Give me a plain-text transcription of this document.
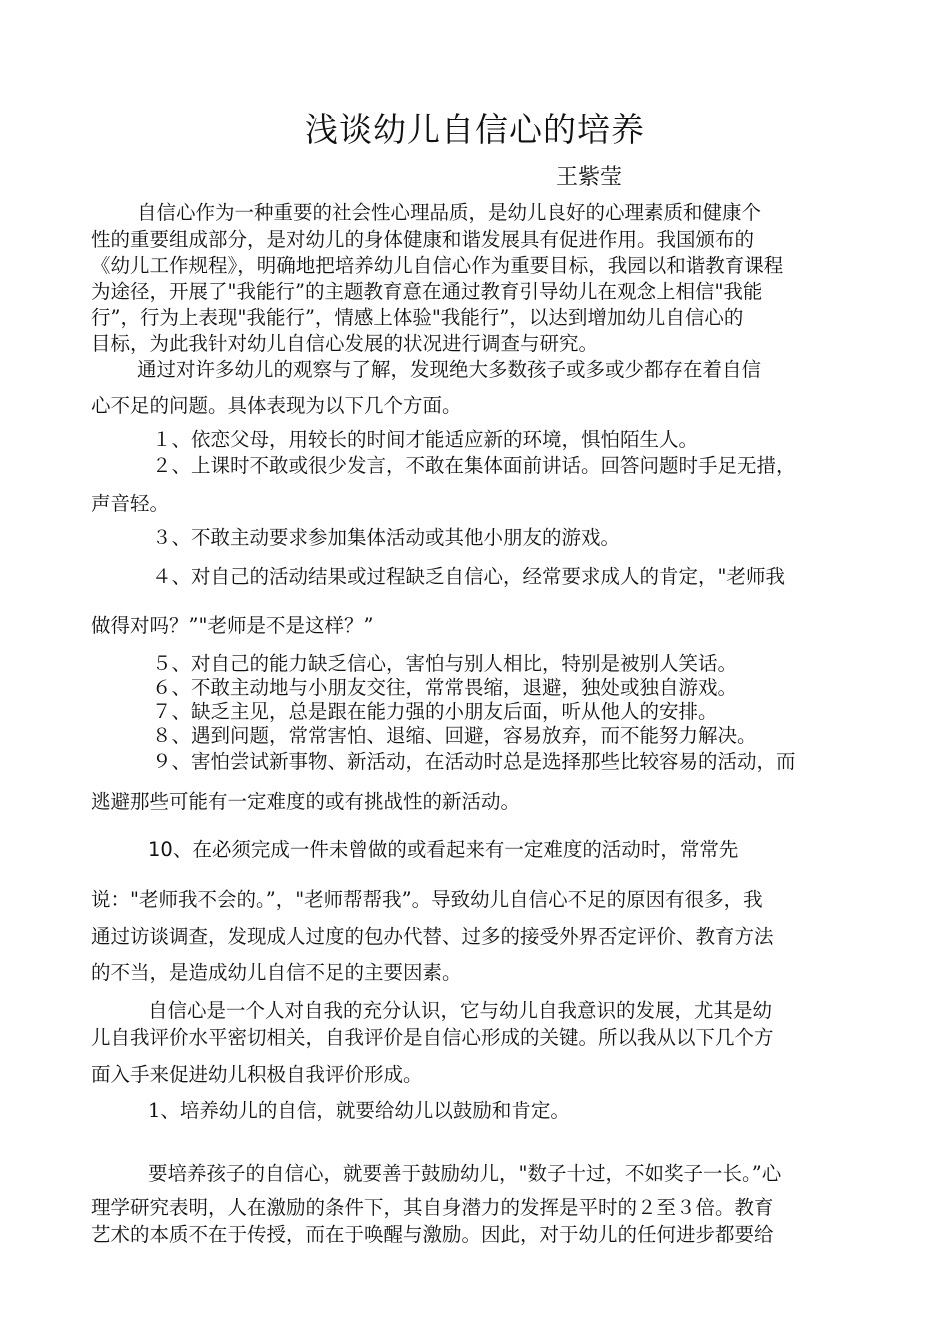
浅谈幼儿自信心的培养

王紫莹

自信心作为一种重要的社会性心理品质，是幼儿良好的心理素质和健康个

性的重要组成部分，是对幼儿的身体健康和谐发展具有促进作用。我国颁布的

《幼儿工作规程》，明确地把培养幼儿自信心作为重要目标，我园以和谐教育课程

为途径，开展了"我能行”的主题教育意在通过教育引导幼儿在观念上相信"我能

行”，行为上表现"我能行”，情感上体验"我能行”，以达到增加幼儿自信心的

目标，为此我针对幼儿自信心发展的状况进行调查与研究。

通过对许多幼儿的观察与了解，发现绝大多数孩子或多或少都存在着自信

心不足的问题。具体表现为以下几个方面。

１、依恋父母，用较长的时间才能适应新的环境，惧怕陌生人。

２、上课时不敢或很少发言，不敢在集体面前讲话。回答问题时手足无措，

声音轻。

３、不敢主动要求参加集体活动或其他小朋友的游戏。

４、对自己的活动结果或过程缺乏自信心，经常要求成人的肯定，"老师我

做得对吗？”"老师是不是这样？”

５、对自己的能力缺乏信心，害怕与别人相比，特别是被别人笑话。

６、不敢主动地与小朋友交往，常常畏缩，退避，独处或独自游戏。

７、缺乏主见，总是跟在能力强的小朋友后面，听从他人的安排。

８、遇到问题，常常害怕、退缩、回避，容易放弃，而不能努力解决。

９、害怕尝试新事物、新活动，在活动时总是选择那些比较容易的活动，而

逃避那些可能有一定难度的或有挑战性的新活动。

10、在必须完成一件未曾做的或看起来有一定难度的活动时，常常先

说："老师我不会的。”，"老师帮帮我”。导致幼儿自信心不足的原因有很多，我

通过访谈调查，发现成人过度的包办代替、过多的接受外界否定评价、教育方法

的不当，是造成幼儿自信不足的主要因素。

自信心是一个人对自我的充分认识，它与幼儿自我意识的发展，尤其是幼

儿自我评价水平密切相关，自我评价是自信心形成的关键。所以我从以下几个方

面入手来促进幼儿积极自我评价形成。

1、培养幼儿的自信，就要给幼儿以鼓励和肯定。

要培养孩子的自信心，就要善于鼓励幼儿，"数子十过，不如奖子一长。”心

理学研究表明，人在激励的条件下，其自身潜力的发挥是平时的２至３倍。教育

艺术的本质不在于传授，而在于唤醒与激励。因此，对于幼儿的任何进步都要给
